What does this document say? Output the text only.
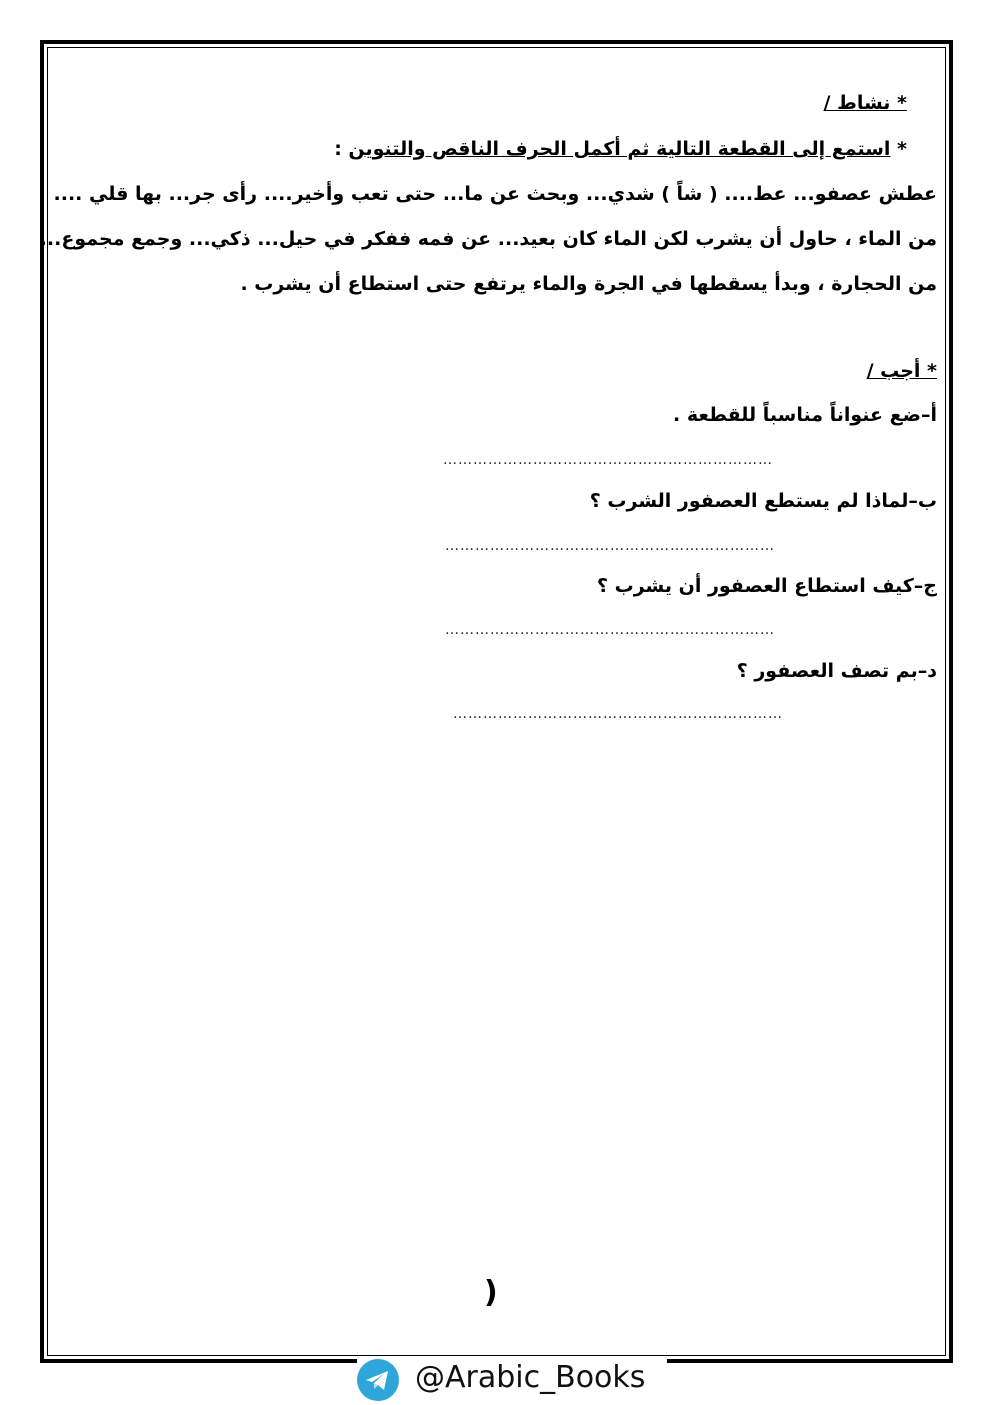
* نشاط /
* استمع إلى القطعة التالية ثم أكمل الحرف الناقص والتنوين :
عطش عصفو... عط.... ( شاً ) شدي... وبحث عن ما... حتى تعب وأخير.... رأى جر... بها قلي ....
من الماء ، حاول أن يشرب لكن الماء كان بعيد... عن فمه ففكر في حيل... ذكي... وجمع مجموع...
من الحجارة ، وبدأ يسقطها في الجرة والماء يرتفع حتى استطاع أن يشرب .
* أجب /
أ–ضع عنواناً مناسباً للقطعة .
…………………………………………………………
ب–لماذا لم يستطع العصفور الشرب ؟
…………………………………………………………
ج–كيف استطاع العصفور أن يشرب ؟
…………………………………………………………
د–بم تصف العصفور ؟
…………………………………………………………
)
@Arabic_Books
